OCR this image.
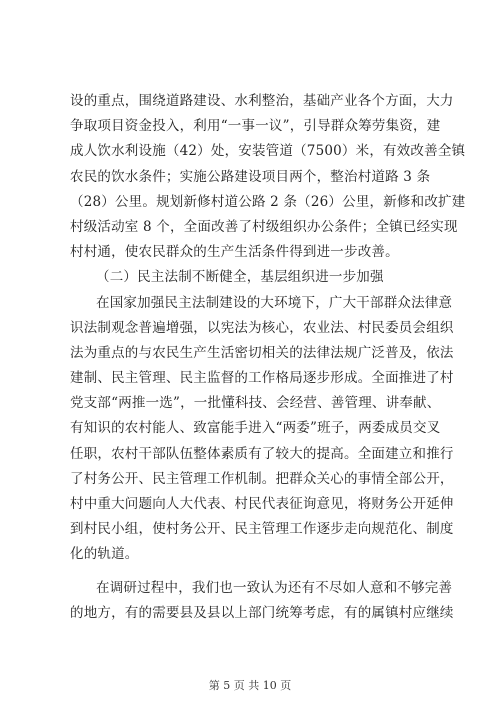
设的重点，围绕道路建设、水利整治，基础产业各个方面，大力
争取项目资金投入，利用“一事一议”，引导群众筹劳集资，建
成人饮水利设施（42）处，安装管道（7500）米，有效改善全镇
农民的饮水条件；实施公路建设项目两个，整治村道路 3 条
（28）公里。规划新修村道公路 2 条（26）公里，新修和改扩建
村级活动室 8 个，全面改善了村级组织办公条件；全镇已经实现
村村通，使农民群众的生产生活条件得到进一步改善。
（二）民主法制不断健全，基层组织进一步加强
在国家加强民主法制建设的大环境下，广大干部群众法律意
识法制观念普遍增强，以宪法为核心，农业法、村民委员会组织
法为重点的与农民生产生活密切相关的法律法规广泛普及，依法
建制、民主管理、民主监督的工作格局逐步形成。全面推进了村
党支部“两推一选”，一批懂科技、会经营、善管理、讲奉献、
有知识的农村能人、致富能手进入“两委”班子，两委成员交叉
任职，农村干部队伍整体素质有了较大的提高。全面建立和推行
了村务公开、民主管理工作机制。把群众关心的事情全部公开，
村中重大问题向人大代表、村民代表征询意见，将财务公开延伸
到村民小组，使村务公开、民主管理工作逐步走向规范化、制度
化的轨道。
在调研过程中，我们也一致认为还有不尽如人意和不够完善
的地方，有的需要县及县以上部门统筹考虑，有的属镇村应继续
第 5 页 共 10 页
